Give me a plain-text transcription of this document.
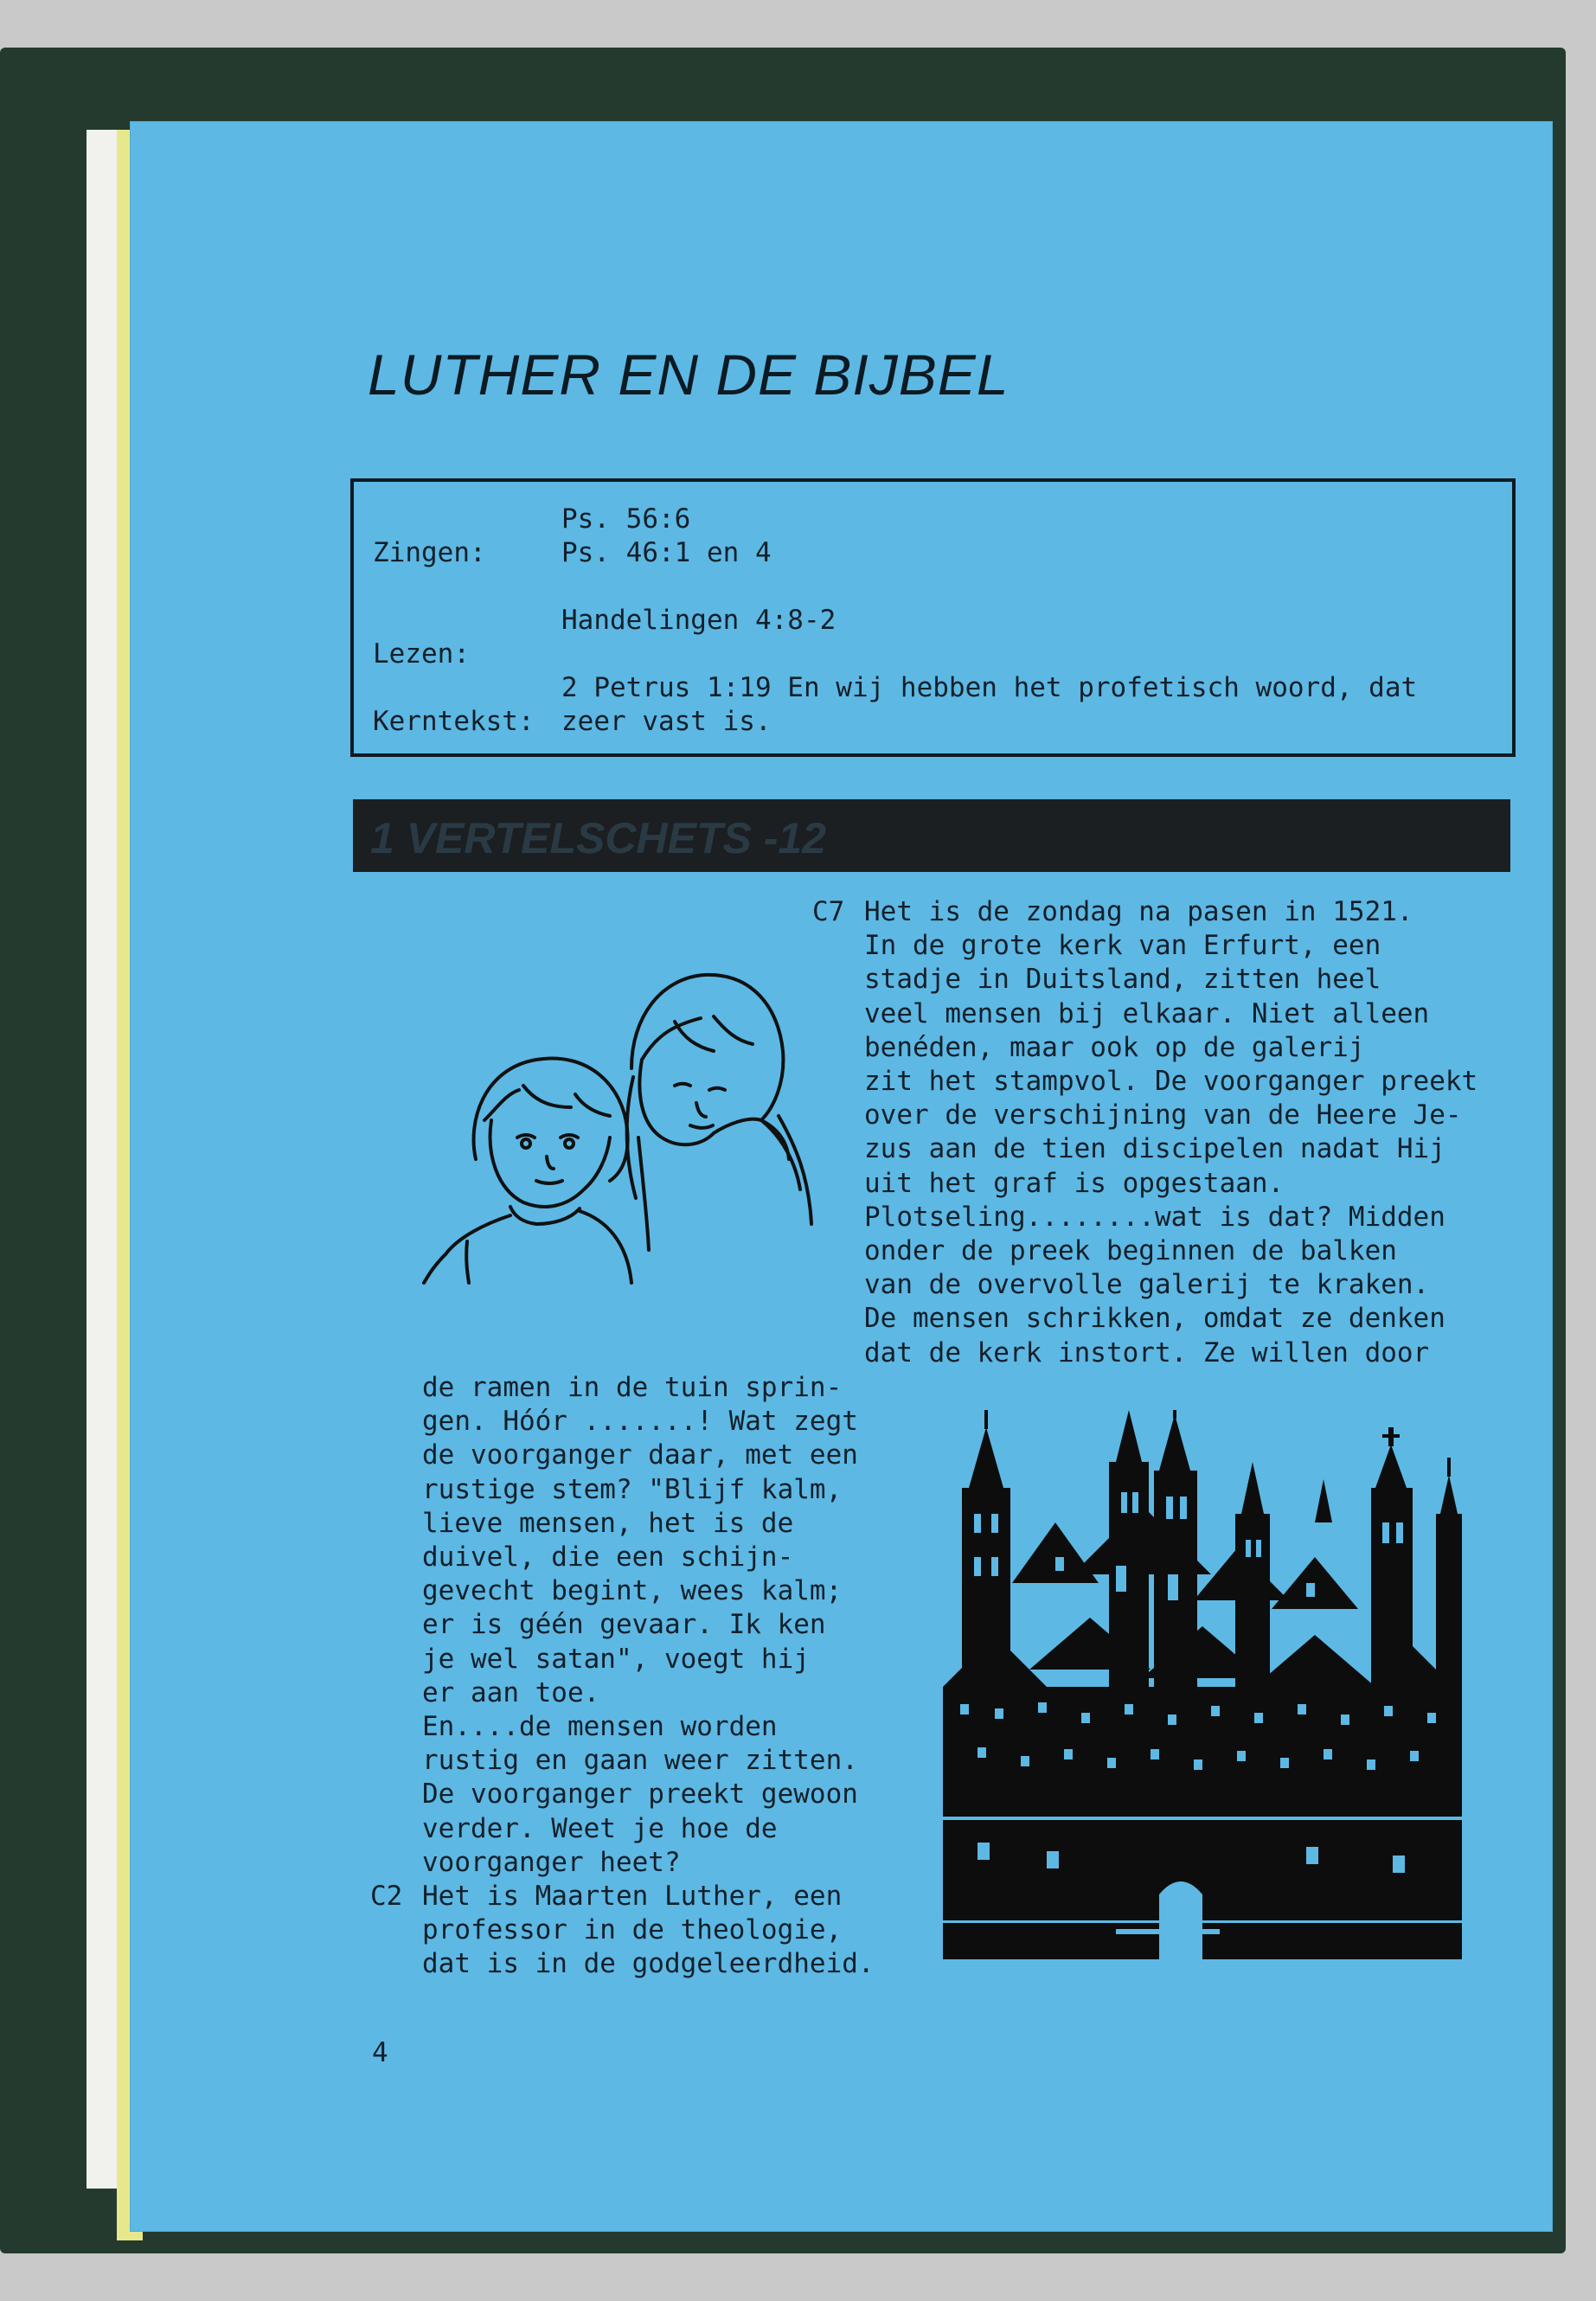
LUTHER EN DE BIJBEL

Zingen:

Ps. 56:6

Ps. 46:1 en 4

Lezen:

Handelingen 4:8-2

Kerntekst:

2 Petrus 1:19 En wij hebben het profetisch woord, dat

zeer vast is.

1 VERTELSCHETS -12
C7 Het is de zondag na pasen in 1521.
In de grote kerk van Erfurt, een
stadje in Duitsland, zitten heel
veel mensen bij elkaar. Niet alleen
benéden, maar ook op de galerij
zit het stampvol. De voorganger preekt
over de verschijning van de Heere Je-
zus aan de tien discipelen nadat Hij
uit het graf is opgestaan.
Plotseling........wat is dat? Midden
onder de preek beginnen de balken
van de overvolle galerij te kraken.
De mensen schrikken, omdat ze denken
dat de kerk instort. Ze willen door
de ramen in de tuin sprin-
gen. Hóór .......! Wat zegt
de voorganger daar, met een
rustige stem? "Blijf kalm,
lieve mensen, het is de
duivel, die een schijn-
gevecht begint, wees kalm;
er is géén gevaar. Ik ken
je wel satan", voegt hij
er aan toe.
En....de mensen worden
rustig en gaan weer zitten.
De voorganger preekt gewoon
verder. Weet je hoe de
voorganger heet?
C2 Het is Maarten Luther, een
professor in de theologie,
dat is in de godgeleerdheid.
4
